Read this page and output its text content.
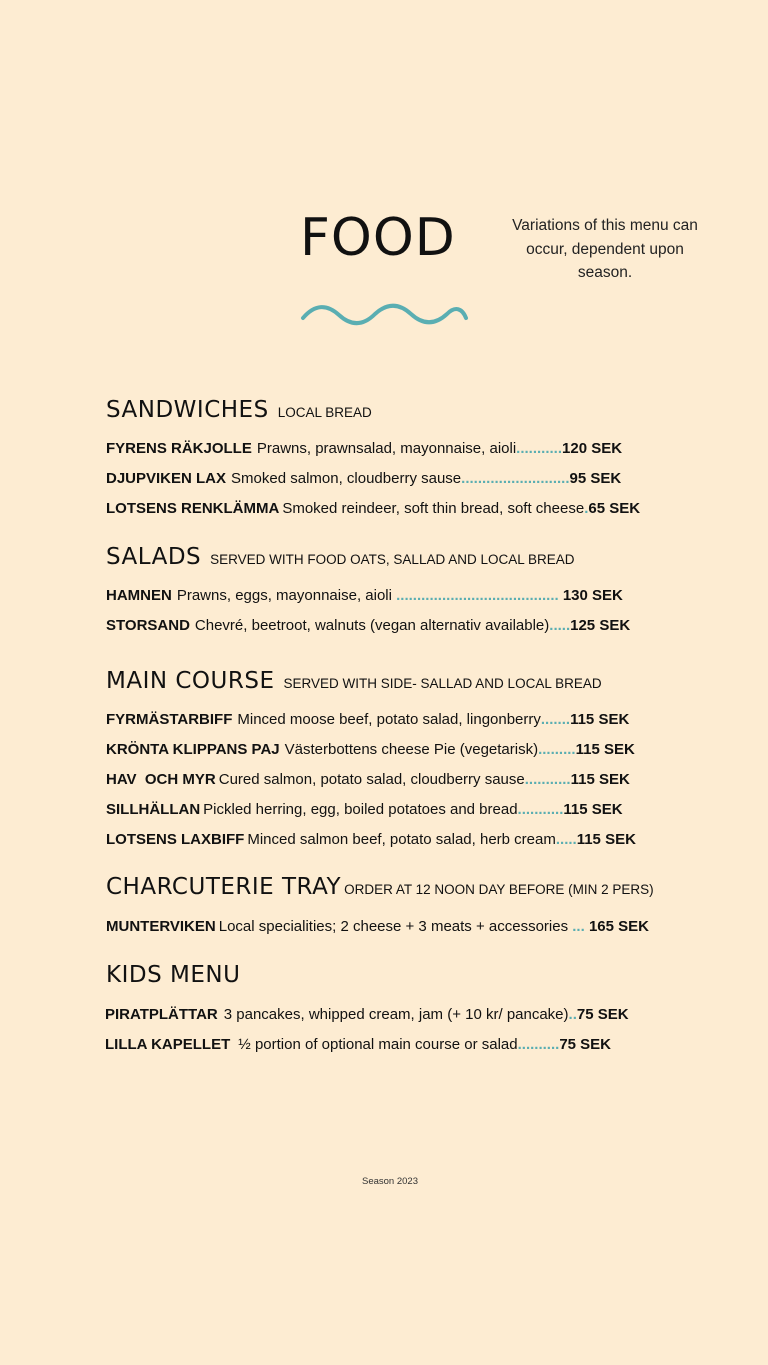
FOOD	Variations of this menu can occur, dependent upon season.
SANDWICHES LOCAL BREAD
FYRENS RÄKJOLLE Prawns, prawnsalad, mayonnaise, aioli...........120 SEK
DJUPVIKEN LAX Smoked salmon, cloudberry sause..........................95 SEK
LOTSENS RENKLÄMMA Smoked reindeer, soft thin bread, soft cheese.65 SEK
SALADS SERVED WITH FOOD OATS, SALLAD AND LOCAL BREAD
HAMNEN Prawns, eggs, mayonnaise, aioli ....................................... 130 SEK
STORSAND Chevré, beetroot, walnuts (vegan alternativ available).....125 SEK
MAIN COURSE SERVED WITH SIDE- SALLAD AND LOCAL BREAD
FYRMÄSTARBIFF Minced moose beef, potato salad, lingonberry.......115 SEK
KRÖNTA KLIPPANS PAJ Västerbottens cheese Pie (vegetarisk).........115 SEK
HAV  OCH MYR Cured salmon, potato salad, cloudberry sause...........115 SEK
SILLHÄLLAN Pickled herring, egg, boiled potatoes and bread...........115 SEK
LOTSENS LAXBIFF Minced salmon beef, potato salad, herb cream.....115 SEK
CHARCUTERIE TRAY ORDER AT 12 NOON DAY BEFORE (MIN 2 PERS)
MUNTERVIKEN Local specialities; 2 cheese + 3 meats + accessories ... 165 SEK
KIDS MENU
PIRATPLÄTTAR 3 pancakes, whipped cream, jam (+ 10 kr/ pancake)..75 SEK
LILLA KAPELLET ½ portion of optional main course or salad..........75 SEK
Season 2023
